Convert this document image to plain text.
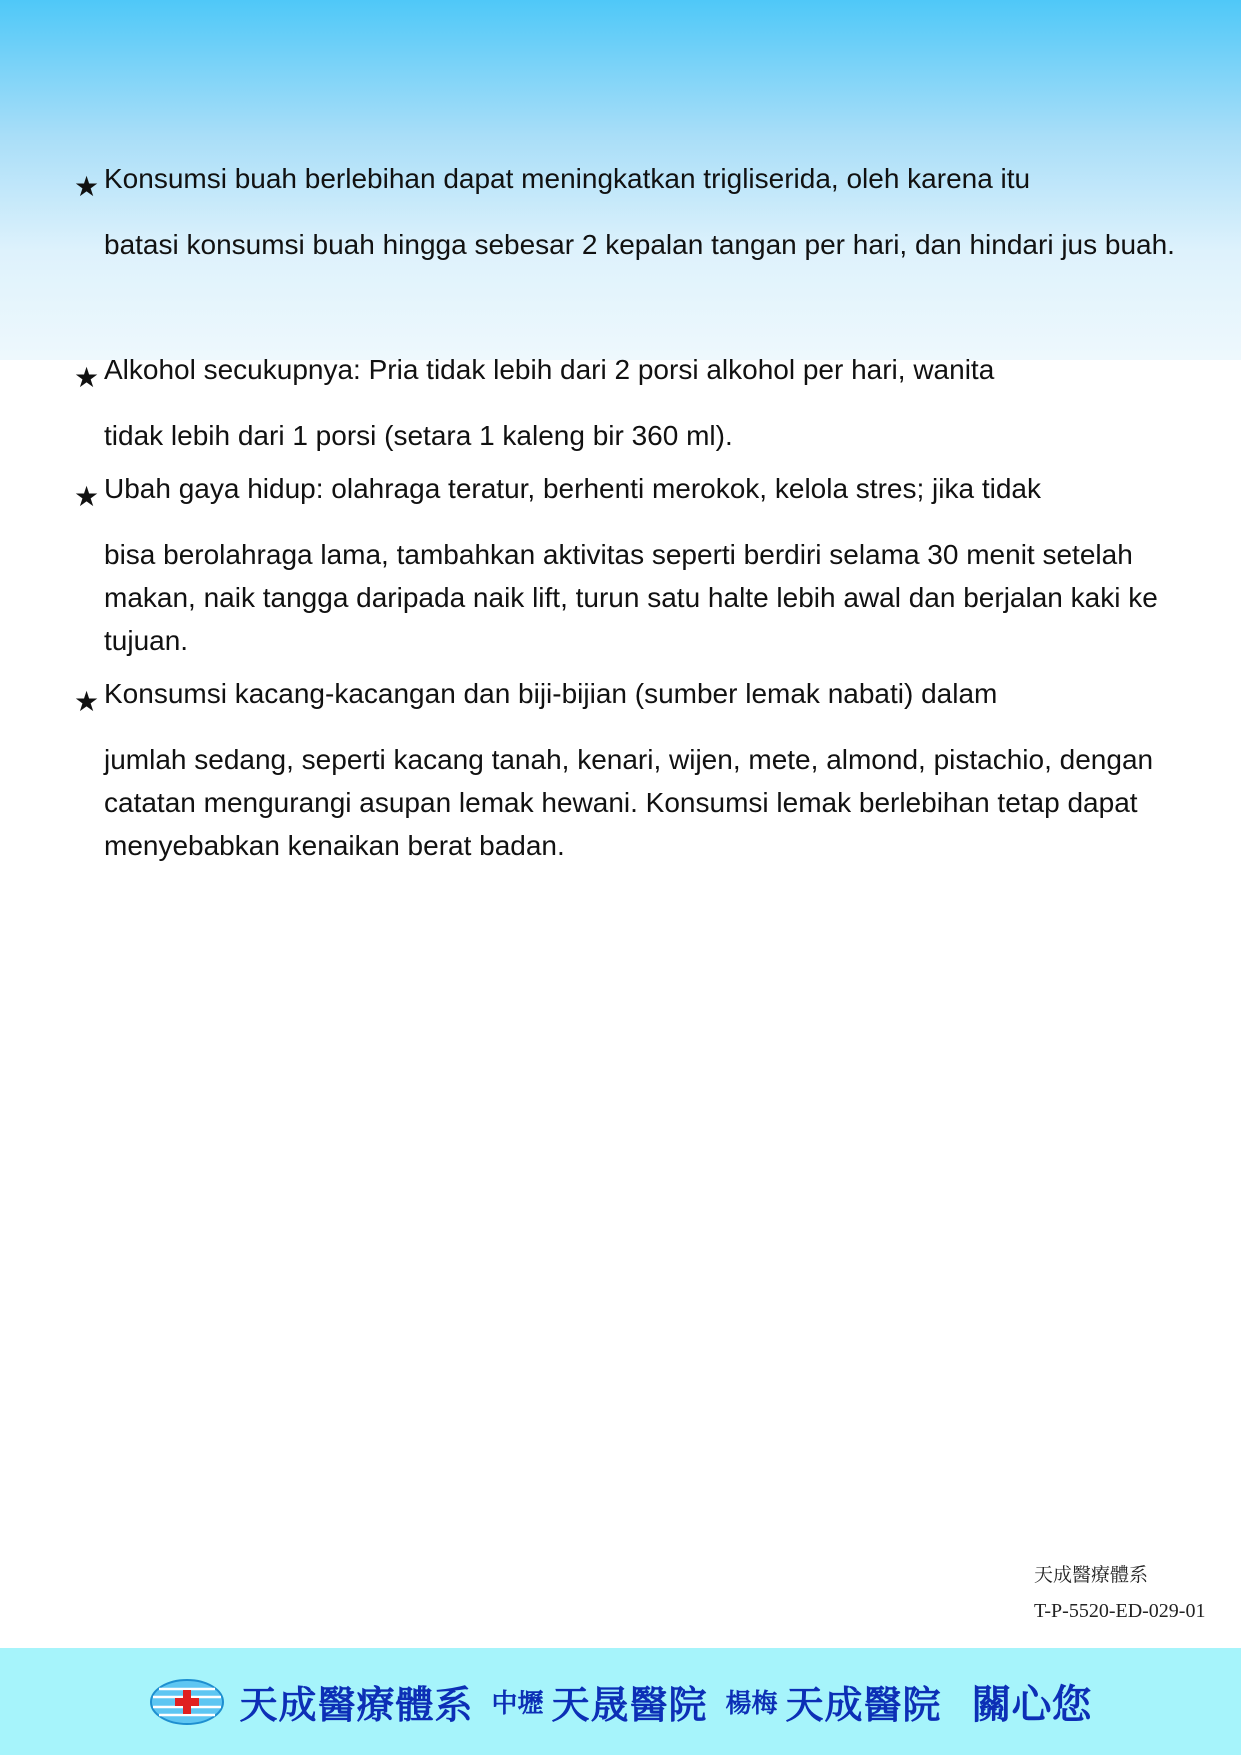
★ Konsumsi buah berlebihan dapat meningkatkan trigliserida, oleh karena itu
batasi konsumsi buah hingga sebesar 2 kepalan tangan per hari, dan hindari jus buah.
★ Alkohol secukupnya: Pria tidak lebih dari 2 porsi alkohol per hari, wanita
tidak lebih dari 1 porsi (setara 1 kaleng bir 360 ml).
★ Ubah gaya hidup: olahraga teratur, berhenti merokok, kelola stres; jika tidak
bisa berolahraga lama, tambahkan aktivitas seperti berdiri selama 30 menit setelah makan, naik tangga daripada naik lift, turun satu halte lebih awal dan berjalan kaki ke tujuan.
★ Konsumsi kacang-kacangan dan biji-bijian (sumber lemak nabati) dalam
jumlah sedang, seperti kacang tanah, kenari, wijen, mete, almond, pistachio, dengan catatan mengurangi asupan lemak hewani. Konsumsi lemak berlebihan tetap dapat menyebabkan kenaikan berat badan.
天成醫療體系
T-P-5520-ED-029-01
天成醫療體系 中壢 天晟醫院 楊梅 天成醫院 關心您
